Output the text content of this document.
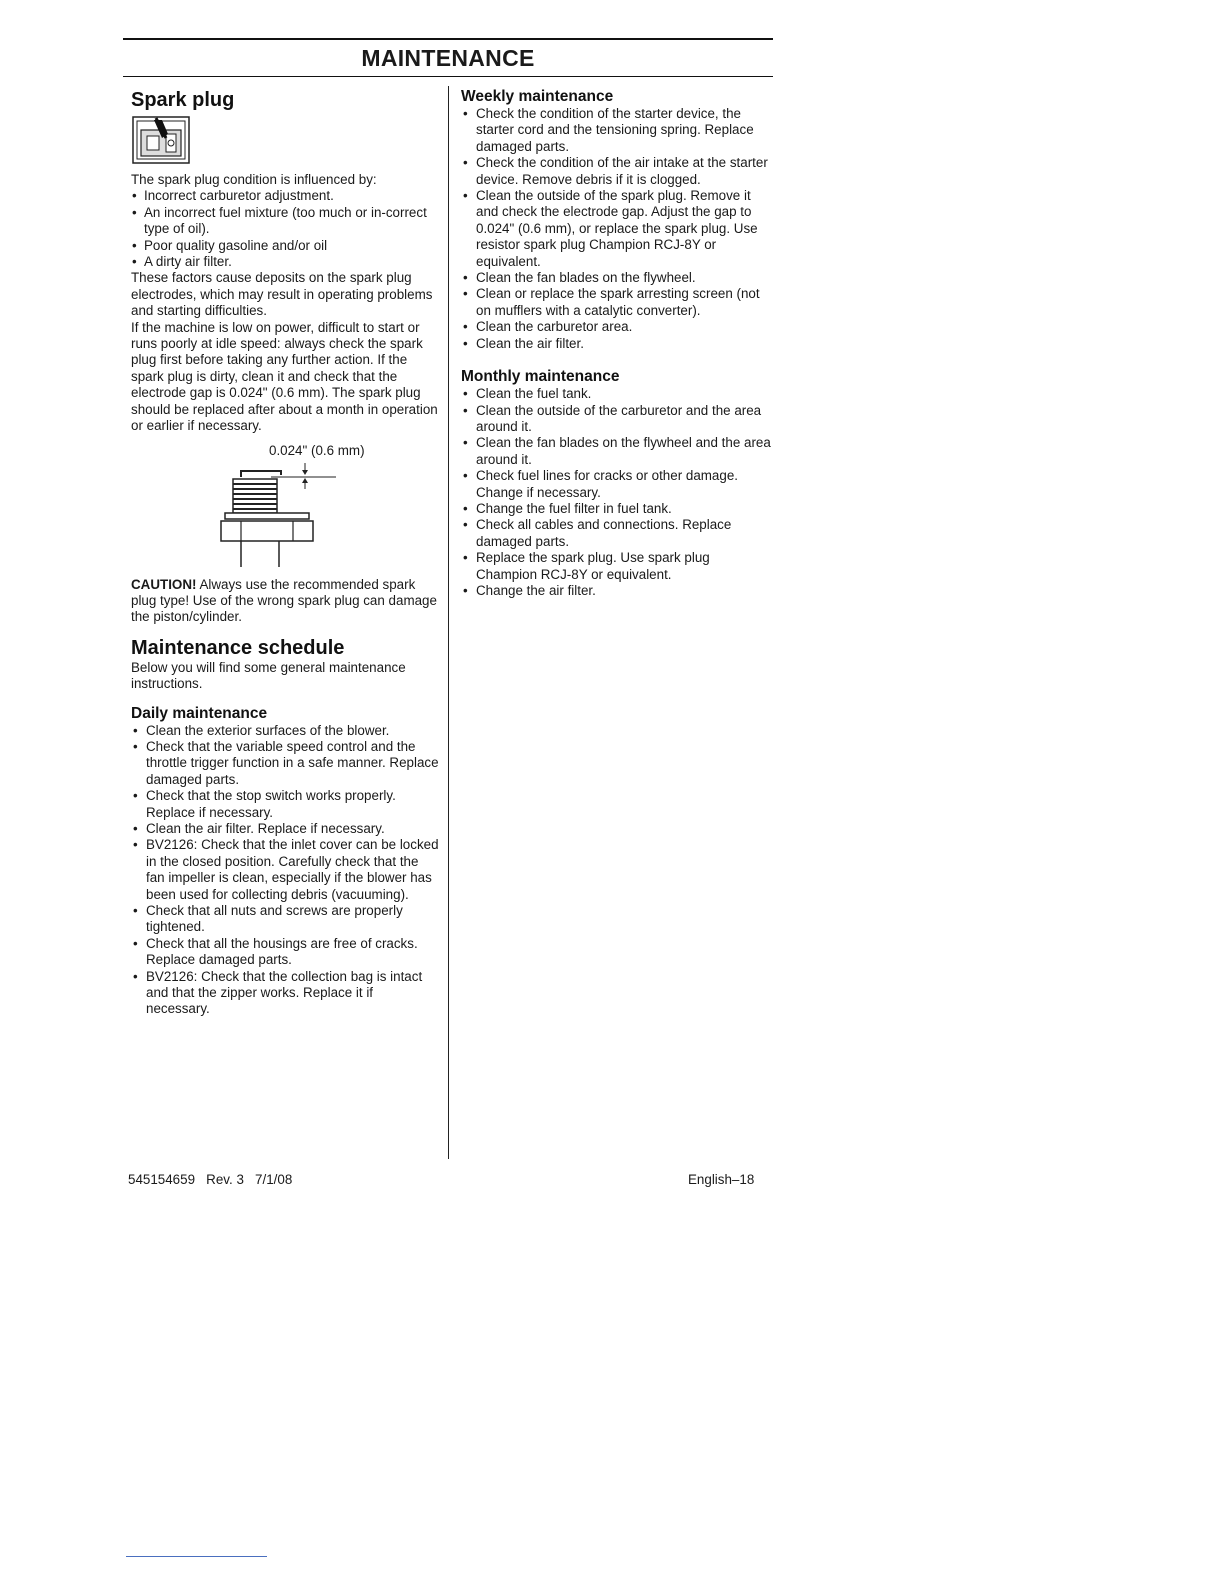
MAINTENANCE
Spark plug

The spark plug condition is influenced by:

• Incorrect carburetor adjustment.
• An incorrect fuel mixture (too much or in-correct type of oil).
• Poor quality gasoline and/or oil
• A dirty air filter.

These factors cause deposits on the spark plug electrodes, which may result in operating problems and starting difficulties.

If the machine is low on power, difficult to start or runs poorly at idle speed: always check the spark plug first before taking any further action. If the spark plug is dirty, clean it and check that the electrode gap is 0.024" (0.6 mm). The spark plug should be replaced after about a month in operation or earlier if necessary.

0.024" (0.6 mm)

CAUTION! Always use the recommended spark plug type! Use of the wrong spark plug can damage the piston/cylinder.

Maintenance schedule

Below you will find some general maintenance instructions.

Daily maintenance
• Clean the exterior surfaces of the blower.
• Check that the variable speed control and the throttle trigger function in a safe manner. Replace damaged parts.
• Check that the stop switch works properly. Replace if necessary.
• Clean the air filter. Replace if necessary.
• BV2126: Check that the inlet cover can be locked in the closed position. Carefully check that the fan impeller is clean, especially if the blower has been used for collecting debris (vacuuming).
• Check that all nuts and screws are properly tightened.
• Check that all the housings are free of cracks. Replace damaged parts.
• BV2126: Check that the collection bag is intact and that the zipper works. Replace it if necessary.
Weekly maintenance
• Check the condition of the starter device, the starter cord and the tensioning spring. Replace damaged parts.
• Check the condition of the air intake at the starter device. Remove debris if it is clogged.
• Clean the outside of the spark plug. Remove it and check the electrode gap. Adjust the gap to 0.024" (0.6 mm), or replace the spark plug. Use resistor spark plug Champion RCJ-8Y or equivalent.
• Clean the fan blades on the flywheel.
• Clean or replace the spark arresting screen (not on mufflers with a catalytic converter).
• Clean the carburetor area.
• Clean the air filter.
Monthly maintenance
• Clean the fuel tank.
• Clean the outside of the carburetor and the area around it.
• Clean the fan blades on the flywheel and the area around it.
• Check fuel lines for cracks or other damage. Change if necessary.
• Change the fuel filter in fuel tank.
• Check all cables and connections. Replace damaged parts.
• Replace the spark plug. Use spark plug Champion RCJ-8Y or equivalent.
• Change the air filter.
545154659   Rev. 3   7/1/08	English–18
